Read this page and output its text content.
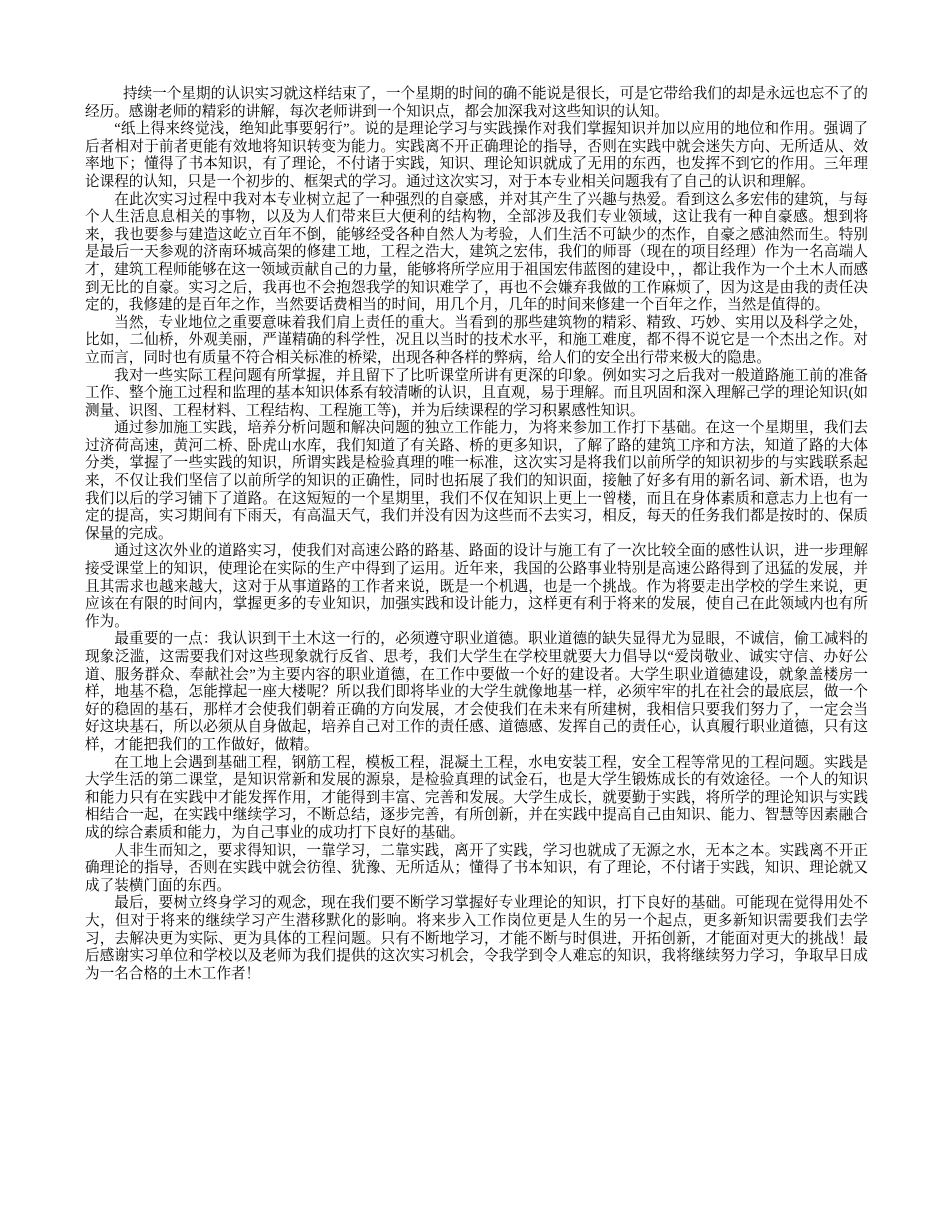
持续一个星期的认识实习就这样结束了，一个星期的时间的确不能说是很长，可是它带给我们的却是永远也忘不了的经历。感谢老师的精彩的讲解，每次老师讲到一个知识点，都会加深我对这些知识的认知。

“纸上得来终觉浅，绝知此事要躬行”。说的是理论学习与实践操作对我们掌握知识并加以应用的地位和作用。强调了后者相对于前者更能有效地将知识转变为能力。实践离不开正确理论的指导，否则在实践中就会迷失方向、无所适从、效率地下；懂得了书本知识，有了理论，不付诸于实践，知识、理论知识就成了无用的东西，也发挥不到它的作用。三年理论课程的认知，只是一个初步的、框架式的学习。通过这次实习，对于本专业相关问题我有了自己的认识和理解。

在此次实习过程中我对本专业树立起了一种强烈的自豪感，并对其产生了兴趣与热爱。看到这么多宏伟的建筑，与每个人生活息息相关的事物，以及为人们带来巨大便利的结构物，全部涉及我们专业领域，这让我有一种自豪感。想到将来，我也要参与建造这屹立百年不倒，能够经受各种自然人为考验，人们生活不可缺少的杰作，自豪之感油然而生。特别是最后一天参观的济南环城高架的修建工地，工程之浩大，建筑之宏伟，我们的师哥（现在的项目经理）作为一名高端人才，建筑工程师能够在这一领域贡献自己的力量，能够将所学应用于祖国宏伟蓝图的建设中，，都让我作为一个土木人而感到无比的自豪。实习之后，我再也不会抱怨我学的知识难学了，再也不会嫌弃我做的工作麻烦了，因为这是由我的责任决定的，我修建的是百年之作，当然要话费相当的时间，用几个月，几年的时间来修建一个百年之作，当然是值得的。

当然，专业地位之重要意味着我们肩上责任的重大。当看到的那些建筑物的精彩、精致、巧妙、实用以及科学之处，比如，二仙桥，外观美丽，严谨精确的科学性，况且以当时的技术水平，和施工难度，都不得不说它是一个杰出之作。对立而言，同时也有质量不符合相关标准的桥梁，出现各种各样的弊病，给人们的安全出行带来极大的隐患。

我对一些实际工程问题有所掌握，并且留下了比听课堂所讲有更深的印象。例如实习之后我对一般道路施工前的准备工作、整个施工过程和监理的基本知识体系有较清晰的认识，且直观，易于理解。而且巩固和深入理解己学的理论知识(如测量、识图、工程材料、工程结构、工程施工等)，并为后续课程的学习积累感性知识。

通过参加施工实践，培养分析问题和解决问题的独立工作能力，为将来参加工作打下基础。在这一个星期里，我们去过济荷高速，黄河二桥、卧虎山水库，我们知道了有关路、桥的更多知识，了解了路的建筑工序和方法，知道了路的大体分类，掌握了一些实践的知识，所谓实践是检验真理的唯一标准，这次实习是将我们以前所学的知识初步的与实践联系起来，不仅让我们坚信了以前所学的知识的正确性，同时也拓展了我们的知识面，接触了好多有用的新名词、新术语，也为我们以后的学习铺下了道路。在这短短的一个星期里，我们不仅在知识上更上一曾楼，而且在身体素质和意志力上也有一定的提高，实习期间有下雨天，有高温天气，我们并没有因为这些而不去实习，相反，每天的任务我们都是按时的、保质保量的完成。

通过这次外业的道路实习，使我们对高速公路的路基、路面的设计与施工有了一次比较全面的感性认识，进一步理解接受课堂上的知识，使理论在实际的生产中得到了运用。近年来，我国的公路事业特别是高速公路得到了迅猛的发展，并且其需求也越来越大，这对于从事道路的工作者来说，既是一个机遇，也是一个挑战。作为将要走出学校的学生来说，更应该在有限的时间内，掌握更多的专业知识，加强实践和设计能力，这样更有利于将来的发展，使自己在此领域内也有所作为。

最重要的一点：我认识到干土木这一行的，必须遵守职业道德。职业道德的缺失显得尤为显眼，不诚信，偷工减料的现象泛滥，这需要我们对这些现象就行反省、思考，我们大学生在学校里就要大力倡导以“爱岗敬业、诚实守信、办好公道、服务群众、奉献社会”为主要内容的职业道德，在工作中要做一个好的建设者。大学生职业道德建设，就象盖楼房一样，地基不稳，怎能撑起一座大楼呢？所以我们即将毕业的大学生就像地基一样，必须牢牢的扎在社会的最底层，做一个好的稳固的基石，那样才会使我们朝着正确的方向发展，才会使我们在未来有所建树，我相信只要我们努力了，一定会当好这块基石，所以必须从自身做起，培养自己对工作的责任感、道德感、发挥自己的责任心，认真履行职业道德，只有这样，才能把我们的工作做好，做精。

在工地上会遇到基础工程，钢筋工程，模板工程，混凝土工程，水电安装工程，安全工程等常见的工程问题。实践是大学生活的第二课堂，是知识常新和发展的源泉，是检验真理的试金石，也是大学生锻炼成长的有效途径。一个人的知识和能力只有在实践中才能发挥作用，才能得到丰富、完善和发展。大学生成长，就要勤于实践，将所学的理论知识与实践相结合一起，在实践中继续学习，不断总结，逐步完善，有所创新，并在实践中提高自己由知识、能力、智慧等因素融合成的综合素质和能力，为自己事业的成功打下良好的基础。

人非生而知之，要求得知识，一靠学习，二靠实践，离开了实践，学习也就成了无源之水，无本之本。实践离不开正确理论的指导，否则在实践中就会彷徨、犹豫、无所适从；懂得了书本知识，有了理论，不付诸于实践，知识、理论就又成了装横门面的东西。

最后，要树立终身学习的观念，现在我们要不断学习掌握好专业理论的知识，打下良好的基础。可能现在觉得用处不大，但对于将来的继续学习产生潜移默化的影响。将来步入工作岗位更是人生的另一个起点，更多新知识需要我们去学习，去解决更为实际、更为具体的工程问题。只有不断地学习，才能不断与时俱进，开拓创新，才能面对更大的挑战！最后感谢实习单位和学校以及老师为我们提供的这次实习机会，令我学到令人难忘的知识，我将继续努力学习，争取早日成为一名合格的土木工作者！
